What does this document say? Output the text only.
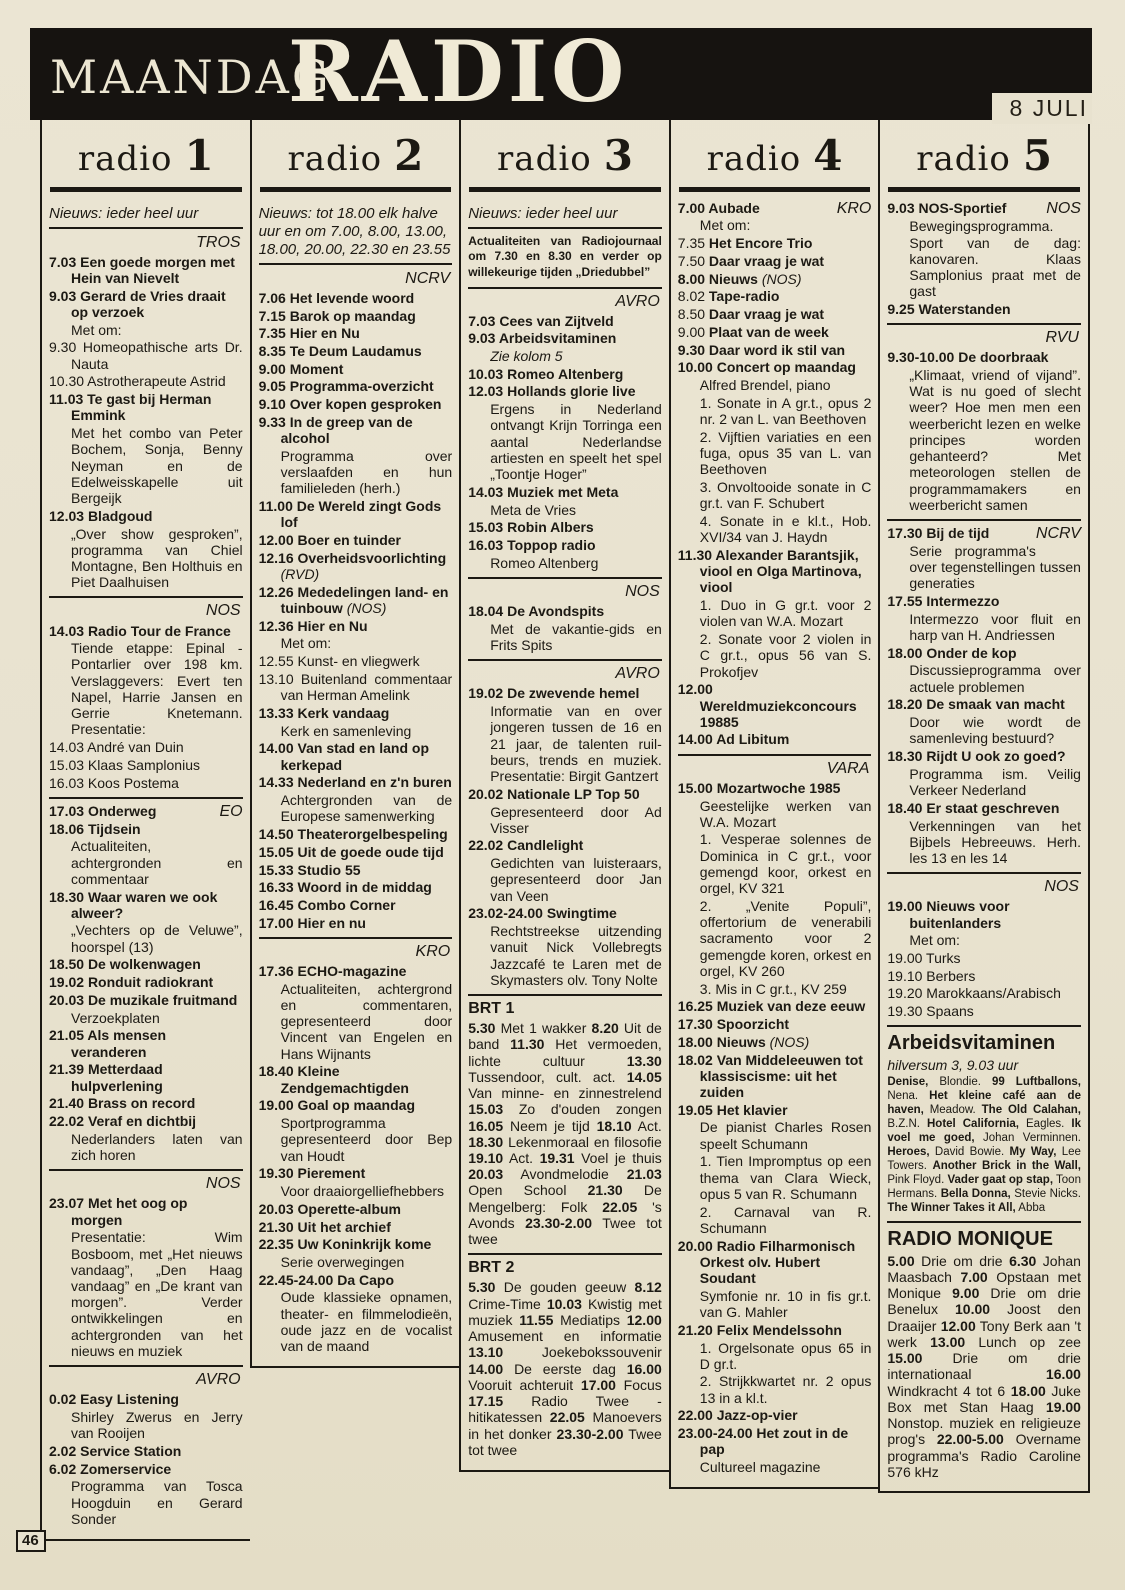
MAANDAG
RADIO	8 JULI
radio 1
Nieuws: ieder heel uur
TROS

7.03 Een goede morgen met Hein van Nievelt

9.03 Gerard de Vries draait op verzoek

Met om:

9.30 Homeopathische arts Dr. Nauta

10.30 Astrotherapeute Astrid

11.03 Te gast bij Herman Emmink

Met het combo van Peter Bochem, Sonja, Benny Neyman en de Edelweisskapelle uit Bergeijk

12.03 Bladgoud

„Over show gesproken”, programma van Chiel Montagne, Ben Holthuis en Piet Daalhuisen

NOS

14.03 Radio Tour de France

Tiende etappe: Epinal - Pontarlier over 198 km. Verslaggevers: Evert ten Napel, Harrie Jansen en Gerrie Knetemann. Presentatie:

14.03 André van Duin

15.03 Klaas Samplonius

16.03 Koos Postema

EO
17.03 Onderweg

18.06 Tijdsein

Actualiteiten, achtergronden en commentaar

18.30 Waar waren we ook alweer?

„Vechters op de Veluwe”, hoorspel (13)

18.50 De wolkenwagen

19.02 Ronduit radiokrant

20.03 De muzikale fruitmand

Verzoekplaten

21.05 Als mensen veranderen

21.39 Metterdaad hulpverlening

21.40 Brass on record

22.02 Veraf en dichtbij

Nederlanders laten van zich horen

NOS

23.07 Met het oog op morgen

Presentatie: Wim Bosboom, met „Het nieuws vandaag”, „Den Haag vandaag” en „De krant van morgen”. Verder ontwikkelingen en achtergronden van het nieuws en muziek

AVRO

0.02 Easy Listening

Shirley Zwerus en Jerry van Rooijen

2.02 Service Station

6.02 Zomerservice

Programma van Tosca Hoogduin en Gerard Sonder

radio 2
Nieuws: tot 18.00 elk halve uur en om 7.00, 8.00, 13.00, 18.00, 20.00, 22.30 en 23.55
NCRV

7.06 Het levende woord

7.15 Barok op maandag

7.35 Hier en Nu

8.35 Te Deum Laudamus

9.00 Moment

9.05 Programma-overzicht

9.10 Over kopen gesproken

9.33 In de greep van de alcohol

Programma over verslaafden en hun familieleden (herh.)

11.00 De Wereld zingt Gods lof

12.00 Boer en tuinder

12.16 Overheidsvoorlichting (RVD)

12.26 Mededelingen land- en tuinbouw (NOS)

12.36 Hier en Nu

Met om:

12.55 Kunst- en vliegwerk

13.10 Buitenland commentaar van Herman Amelink

13.33 Kerk vandaag

Kerk en samenleving

14.00 Van stad en land op kerkepad

14.33 Nederland en z'n buren

Achtergronden van de Europese samenwerking

14.50 Theaterorgelbespeling

15.05 Uit de goede oude tijd

15.33 Studio 55

16.33 Woord in de middag

16.45 Combo Corner

17.00 Hier en nu

KRO

17.36 ECHO-magazine

Actualiteiten, achtergrond en commentaren, gepresenteerd door Vincent van Engelen en Hans Wijnants

18.40 Kleine Zendgemachtigden

19.00 Goal op maandag

Sportprogramma gepresenteerd door Bep van Houdt

19.30 Pierement

Voor draaiorgelliefhebbers

20.03 Operette-album

21.30 Uit het archief

22.35 Uw Koninkrijk kome

Serie overwegingen

22.45-24.00 Da Capo

Oude klassieke opnamen, theater- en filmmelodieën, oude jazz en de vocalist van de maand

radio 3
Nieuws: ieder heel uur
Actualiteiten van Radiojournaal om 7.30 en 8.30 en verder op willekeurige tijden „Driedubbel”
AVRO

7.03 Cees van Zijtveld

9.03 Arbeidsvitaminen

Zie kolom 5

10.03 Romeo Altenberg

12.03 Hollands glorie live

Ergens in Nederland ontvangt Krijn Torringa een aantal Nederlandse artiesten en speelt het spel „Toontje Hoger”

14.03 Muziek met Meta

Meta de Vries

15.03 Robin Albers

16.03 Toppop radio

Romeo Altenberg

NOS

18.04 De Avondspits

Met de vakantie-gids en Frits Spits

AVRO

19.02 De zwevende hemel

Informatie van en over jongeren tussen de 16 en 21 jaar, de talenten ruil-beurs, trends en muziek. Presentatie: Birgit Gantzert

20.02 Nationale LP Top 50

Gepresenteerd door Ad Visser

22.02 Candlelight

Gedichten van luisteraars, gepresenteerd door Jan van Veen

23.02-24.00 Swingtime

Rechtstreekse uitzending vanuit Nick Vollebregts Jazzcafé te Laren met de Skymasters olv. Tony Nolte

BRT 1

5.30 Met 1 wakker 8.20 Uit de band 11.30 Het vermoeden, lichte cultuur 13.30 Tussendoor, cult. act. 14.05 Van minne- en zinnestrelend 15.03 Zo d'ouden zongen 16.05 Neem je tijd 18.10 Act. 18.30 Lekenmoraal en filosofie 19.10 Act. 19.31 Voel je thuis 20.03 Avondmelodie 21.03 Open School 21.30 De Mengelberg: Folk 22.05 's Avonds 23.30-2.00 Twee tot twee

BRT 2

5.30 De gouden geeuw 8.12 Crime-Time 10.03 Kwistig met muziek 11.55 Mediatips 12.00 Amusement en informatie 13.10 Joekebokssouvenir 14.00 De eerste dag 16.00 Vooruit achteruit 17.00 Focus 17.15 Radio Twee - hitikatessen 22.05 Manoevers in het donker 23.30-2.00 Twee tot twee

radio 4

KRO
7.00 Aubade

Met om:

7.35 Het Encore Trio

7.50 Daar vraag je wat

8.00 Nieuws (NOS)

8.02 Tape-radio

8.50 Daar vraag je wat

9.00 Plaat van de week

9.30 Daar word ik stil van

10.00 Concert op maandag

Alfred Brendel, piano

1. Sonate in A gr.t., opus 2 nr. 2 van L. van Beethoven

2. Vijftien variaties en een fuga, opus 35 van L. van Beethoven

3. Onvoltooide sonate in C gr.t. van F. Schubert

4. Sonate in e kl.t., Hob. XVI/34 van J. Haydn

11.30 Alexander Barantsjik, viool en Olga Martinova, viool

1. Duo in G gr.t. voor 2 violen van W.A. Mozart

2. Sonate voor 2 violen in C gr.t., opus 56 van S. Prokofjev

12.00 Wereldmuziekconcours 19885

14.00 Ad Libitum

VARA

15.00 Mozartwoche 1985

Geestelijke werken van W.A. Mozart

1. Vesperae solennes de Dominica in C gr.t., voor gemengd koor, orkest en orgel, KV 321

2. „Venite Populi”, offertorium de venerabili sacramento voor 2 gemengde koren, orkest en orgel, KV 260

3. Mis in C gr.t., KV 259

16.25 Muziek van deze eeuw

17.30 Spoorzicht

18.00 Nieuws (NOS)

18.02 Van Middeleeuwen tot klassiscisme: uit het zuiden

19.05 Het klavier

De pianist Charles Rosen speelt Schumann

1. Tien Impromptus op een thema van Clara Wieck, opus 5 van R. Schumann

2. Carnaval van R. Schumann

20.00 Radio Filharmonisch Orkest olv. Hubert Soudant

Symfonie nr. 10 in fis gr.t. van G. Mahler

21.20 Felix Mendelssohn

1. Orgelsonate opus 65 in D gr.t.

2. Strijkkwartet nr. 2 opus 13 in a kl.t.

22.00 Jazz-op-vier

23.00-24.00 Het zout in de pap

Cultureel magazine

radio 5

NOS
9.03 NOS-Sportief

Bewegingsprogramma. Sport van de dag: kanovaren. Klaas Samplonius praat met de gast

9.25 Waterstanden

RVU

9.30-10.00 De doorbraak

„Klimaat, vriend of vijand”. Wat is nu goed of slecht weer? Hoe men men een weerbericht lezen en welke principes worden gehanteerd? Met meteorologen stellen de programmamakers en weerbericht samen

NCRV
17.30 Bij de tijd

Serie programma's over tegenstellingen tussen generaties

17.55 Intermezzo

Intermezzo voor fluit en harp van H. Andriessen

18.00 Onder de kop

Discussieprogramma over actuele problemen

18.20 De smaak van macht

Door wie wordt de samenleving bestuurd?

18.30 Rijdt U ook zo goed?

Programma ism. Veilig Verkeer Nederland

18.40 Er staat geschreven

Verkenningen van het Bijbels Hebreeuws. Herh. les 13 en les 14

NOS

19.00 Nieuws voor buitenlanders

Met om:

19.00 Turks

19.10 Berbers

19.20 Marokkaans/Arabisch

19.30 Spaans

Arbeidsvitaminen

hilversum 3, 9.03 uur

Denise, Blondie. 99 Luftballons, Nena. Het kleine café aan de haven, Meadow. The Old Calahan, B.Z.N. Hotel California, Eagles. Ik voel me goed, Johan Verminnen. Heroes, David Bowie. My Way, Lee Towers. Another Brick in the Wall, Pink Floyd. Vader gaat op stap, Toon Hermans. Bella Donna, Stevie Nicks. The Winner Takes it All, Abba

RADIO MONIQUE

5.00 Drie om drie 6.30 Johan Maasbach 7.00 Opstaan met Monique 9.00 Drie om drie Benelux 10.00 Joost den Draaijer 12.00 Tony Berk aan 't werk 13.00 Lunch op zee 15.00 Drie om drie internationaal 16.00 Windkracht 4 tot 6 18.00 Juke Box met Stan Haag 19.00 Nonstop. muziek en religieuze prog's 22.00-5.00 Overname programma's Radio Caroline 576 kHz

46
